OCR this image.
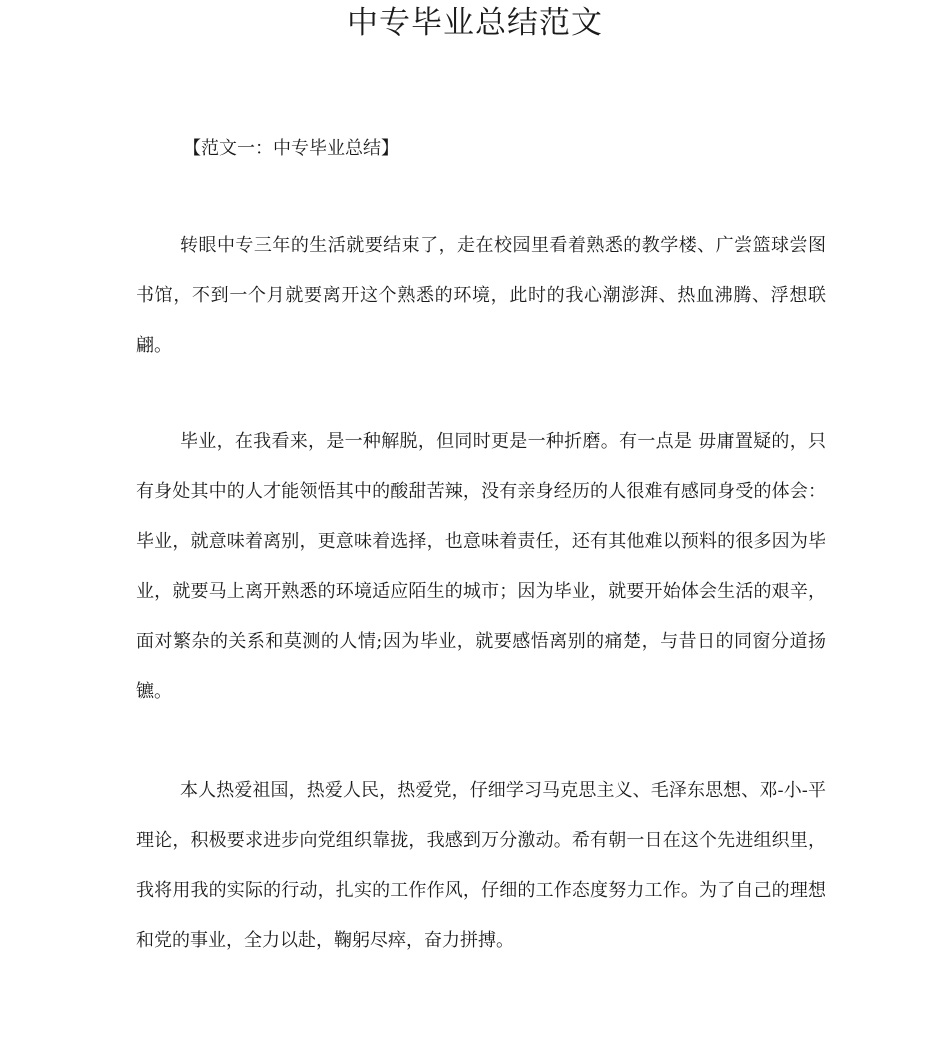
中专毕业总结范文
【范文一：中专毕业总结】

转眼中专三年的生活就要结束了，走在校园里看着熟悉的教学楼、广尝篮球尝图书馆，不到一个月就要离开这个熟悉的环境，此时的我心潮澎湃、热血沸腾、浮想联翩。

毕业，在我看来，是一种解脱，但同时更是一种折磨。有一点是 毋庸置疑的，只有身处其中的人才能领悟其中的酸甜苦辣，没有亲身经历的人很难有感同身受的体会：毕业，就意味着离别，更意味着选择，也意味着责任，还有其他难以预料的很多因为毕业，就要马上离开熟悉的环境适应陌生的城市；因为毕业，就要开始体会生活的艰辛，面对繁杂的关系和莫测的人情;因为毕业，就要感悟离别的痛楚，与昔日的同窗分道扬镳。

本人热爱祖国，热爱人民，热爱党，仔细学习马克思主义、毛泽东思想、邓-小-平理论，积极要求进步向党组织靠拢，我感到万分激动。希有朝一日在这个先进组织里，我将用我的实际的行动，扎实的工作作风，仔细的工作态度努力工作。为了自己的理想和党的事业，全力以赴，鞠躬尽瘁，奋力拼搏。
